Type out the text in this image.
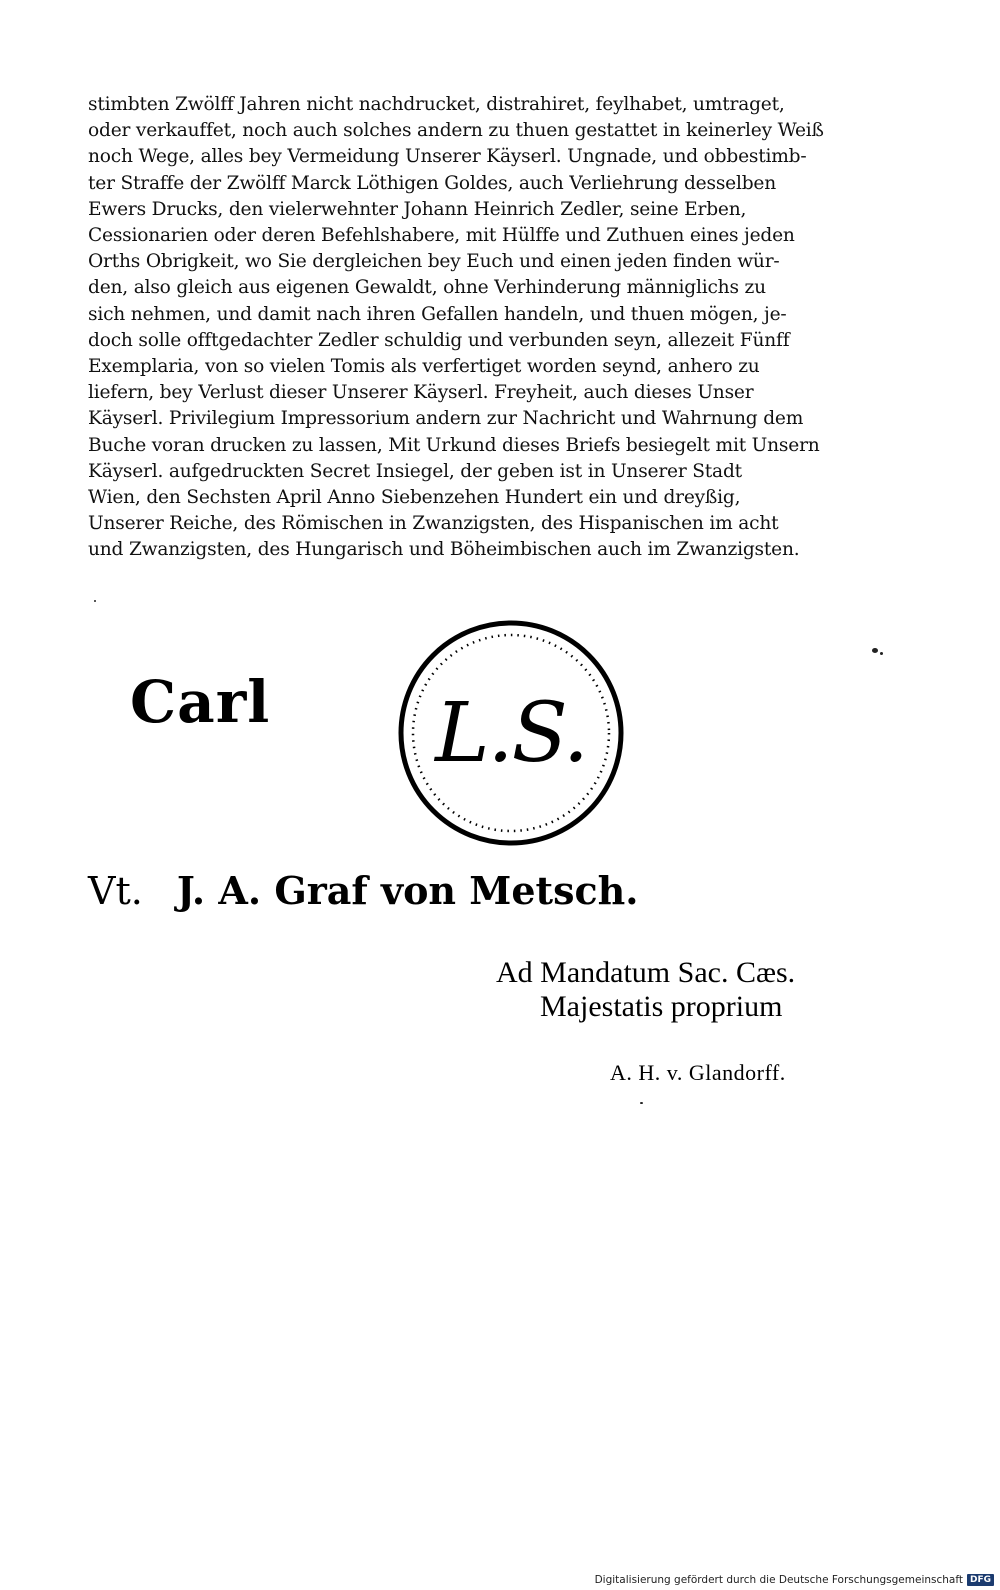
stimbten Zwölff Jahren nicht nachdrucket, distrahiret, feylhabet, umtraget,
oder verkauffet, noch auch solches andern zu thuen gestattet in keinerley Weiß
noch Wege, alles bey Vermeidung Unserer Käyserl. Ungnade, und obbestimb-
ter Straffe der Zwölff Marck Löthigen Goldes, auch Verliehrung desselben
Ewers Drucks, den vielerwehnter Johann Heinrich Zedler, seine Erben,
Cessionarien oder deren Befehlshabere, mit Hülffe und Zuthuen eines jeden
Orths Obrigkeit, wo Sie dergleichen bey Euch und einen jeden finden wür-
den, also gleich aus eigenen Gewaldt, ohne Verhinderung männiglichs zu
sich nehmen, und damit nach ihren Gefallen handeln, und thuen mögen, je-
doch solle offtgedachter Zedler schuldig und verbunden seyn, allezeit Fünff
Exemplaria, von so vielen Tomis als verfertiget worden seynd, anhero zu
liefern, bey Verlust dieser Unserer Käyserl. Freyheit, auch dieses Unser
Käyserl. Privilegium Impressorium andern zur Nachricht und Wahrnung dem
Buche voran drucken zu lassen, Mit Urkund dieses Briefs besiegelt mit Unsern
Käyserl. aufgedruckten Secret Insiegel, der geben ist in Unserer Stadt
Wien, den Sechsten April Anno Siebenzehen Hundert ein und dreyßig,
Unserer Reiche, des Römischen in Zwanzigsten, des Hispanischen im acht
und Zwanzigsten, des Hungarisch und Böheimbischen auch im Zwanzigsten.
Carl	L.S.
Vt. J. A. Graf von Metsch.
Ad Mandatum Sac. Cæs.
Majestatis proprium
A. H. v. Glandorff.
Digitalisierung gefördert durch die Deutsche Forschungsgemeinschaft DFG
